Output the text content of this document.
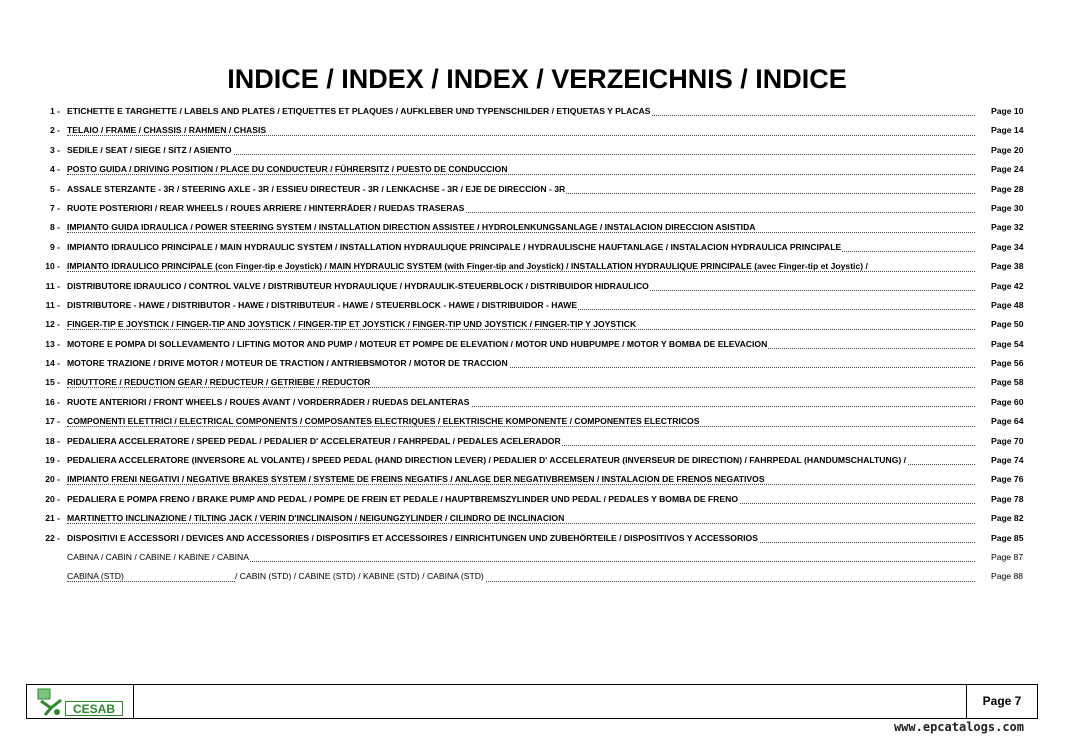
INDICE / INDEX / INDEX / VERZEICHNIS / INDICE
1 - ETICHETTE E TARGHETTE / LABELS AND PLATES / ETIQUETTES ET PLAQUES / AUFKLEBER UND TYPENSCHILDER / ETIQUETAS Y PLACAS	Page 10
2 - TELAIO / FRAME / CHASSIS / RAHMEN / CHASIS	Page 14
3 - SEDILE / SEAT / SIEGE / SITZ / ASIENTO	Page 20
4 - POSTO GUIDA / DRIVING POSITION / PLACE DU CONDUCTEUR / FÜHRERSITZ / PUESTO DE CONDUCCION	Page 24
5 - ASSALE STERZANTE - 3R / STEERING AXLE - 3R / ESSIEU DIRECTEUR - 3R / LENKACHSE - 3R / EJE DE DIRECCION - 3R	Page 28
7 - RUOTE POSTERIORI / REAR WHEELS / ROUES ARRIERE / HINTERRÄDER / RUEDAS TRASERAS	Page 30
8 - IMPIANTO GUIDA IDRAULICA / POWER STEERING SYSTEM / INSTALLATION DIRECTION ASSISTEE / HYDROLENKUNGSANLAGE / INSTALACION DIRECCION ASISTIDA	Page 32
9 - IMPIANTO IDRAULICO PRINCIPALE / MAIN HYDRAULIC SYSTEM / INSTALLATION HYDRAULIQUE PRINCIPALE / HYDRAULISCHE HAUFTANLAGE / INSTALACION HYDRAULICA PRINCIPALE	Page 34
10 - IMPIANTO IDRAULICO PRINCIPALE (con Finger-tip e Joystick) / MAIN HYDRAULIC SYSTEM (with Finger-tip and Joystick) / INSTALLATION HYDRAULIQUE PRINCIPALE (avec Finger-tip et Joystic) /	Page 38
11 - DISTRIBUTORE IDRAULICO / CONTROL VALVE / DISTRIBUTEUR HYDRAULIQUE / HYDRAULIK-STEUERBLOCK / DISTRIBUIDOR HIDRAULICO	Page 42
11 - DISTRIBUTORE - HAWE / DISTRIBUTOR - HAWE / DISTRIBUTEUR - HAWE / STEUERBLOCK - HAWE / DISTRIBUIDOR - HAWE	Page 48
12 - FINGER-TIP E JOYSTICK / FINGER-TIP AND JOYSTICK / FINGER-TIP ET JOYSTICK / FINGER-TIP UND JOYSTICK / FINGER-TIP Y JOYSTICK	Page 50
13 - MOTORE E POMPA DI SOLLEVAMENTO / LIFTING MOTOR AND PUMP / MOTEUR ET POMPE DE ELEVATION / MOTOR UND HUBPUMPE / MOTOR Y BOMBA DE ELEVACION	Page 54
14 - MOTORE TRAZIONE / DRIVE MOTOR / MOTEUR DE TRACTION / ANTRIEBSMOTOR / MOTOR DE TRACCION	Page 56
15 - RIDUTTORE / REDUCTION GEAR / REDUCTEUR / GETRIEBE / REDUCTOR	Page 58
16 - RUOTE ANTERIORI / FRONT WHEELS / ROUES AVANT / VORDERRÄDER / RUEDAS DELANTERAS	Page 60
17 - COMPONENTI ELETTRICI / ELECTRICAL COMPONENTS / COMPOSANTES ELECTRIQUES / ELEKTRISCHE KOMPONENTE / COMPONENTES ELECTRICOS	Page 64
18 - PEDALIERA ACCELERATORE / SPEED PEDAL / PEDALIER D' ACCELERATEUR / FAHRPEDAL / PEDALES ACELERADOR	Page 70
19 - PEDALIERA ACCELERATORE (INVERSORE AL VOLANTE) / SPEED PEDAL (HAND DIRECTION LEVER) / PEDALIER D' ACCELERATEUR (INVERSEUR DE DIRECTION) / FAHRPEDAL (HANDUMSCHALTUNG) /	Page 74
20 - IMPIANTO FRENI NEGATIVI / NEGATIVE BRAKES SYSTEM / SYSTEME DE FREINS NEGATIFS / ANLAGE DER NEGATIVBREMSEN / INSTALACION DE FRENOS NEGATIVOS	Page 76
20 - PEDALIERA E POMPA FRENO / BRAKE PUMP AND PEDAL / POMPE DE FREIN ET PEDALE / HAUPTBREMSZYLINDER UND PEDAL / PEDALES Y BOMBA DE FRENO	Page 78
21 - MARTINETTO INCLINAZIONE / TILTING JACK / VERIN D'INCLINAISON / NEIGUNGZYLINDER / CILINDRO DE INCLINACION	Page 82
22 - DISPOSITIVI E ACCESSORI / DEVICES AND ACCESSORIES / DISPOSITIFS ET ACCESSOIRES / EINRICHTUNGEN UND ZUBEHÖRTEILE / DISPOSITIVOS Y ACCESSORIOS	Page 85
CABINA / CABIN / CABINE / KABINE / CABINA	Page 87
CABINA (STD)	/ CABIN (STD) / CABINE (STD) / KABINE (STD) / CABINA (STD)	Page 88
CESAB
Page 7
www.epcatalogs.com
